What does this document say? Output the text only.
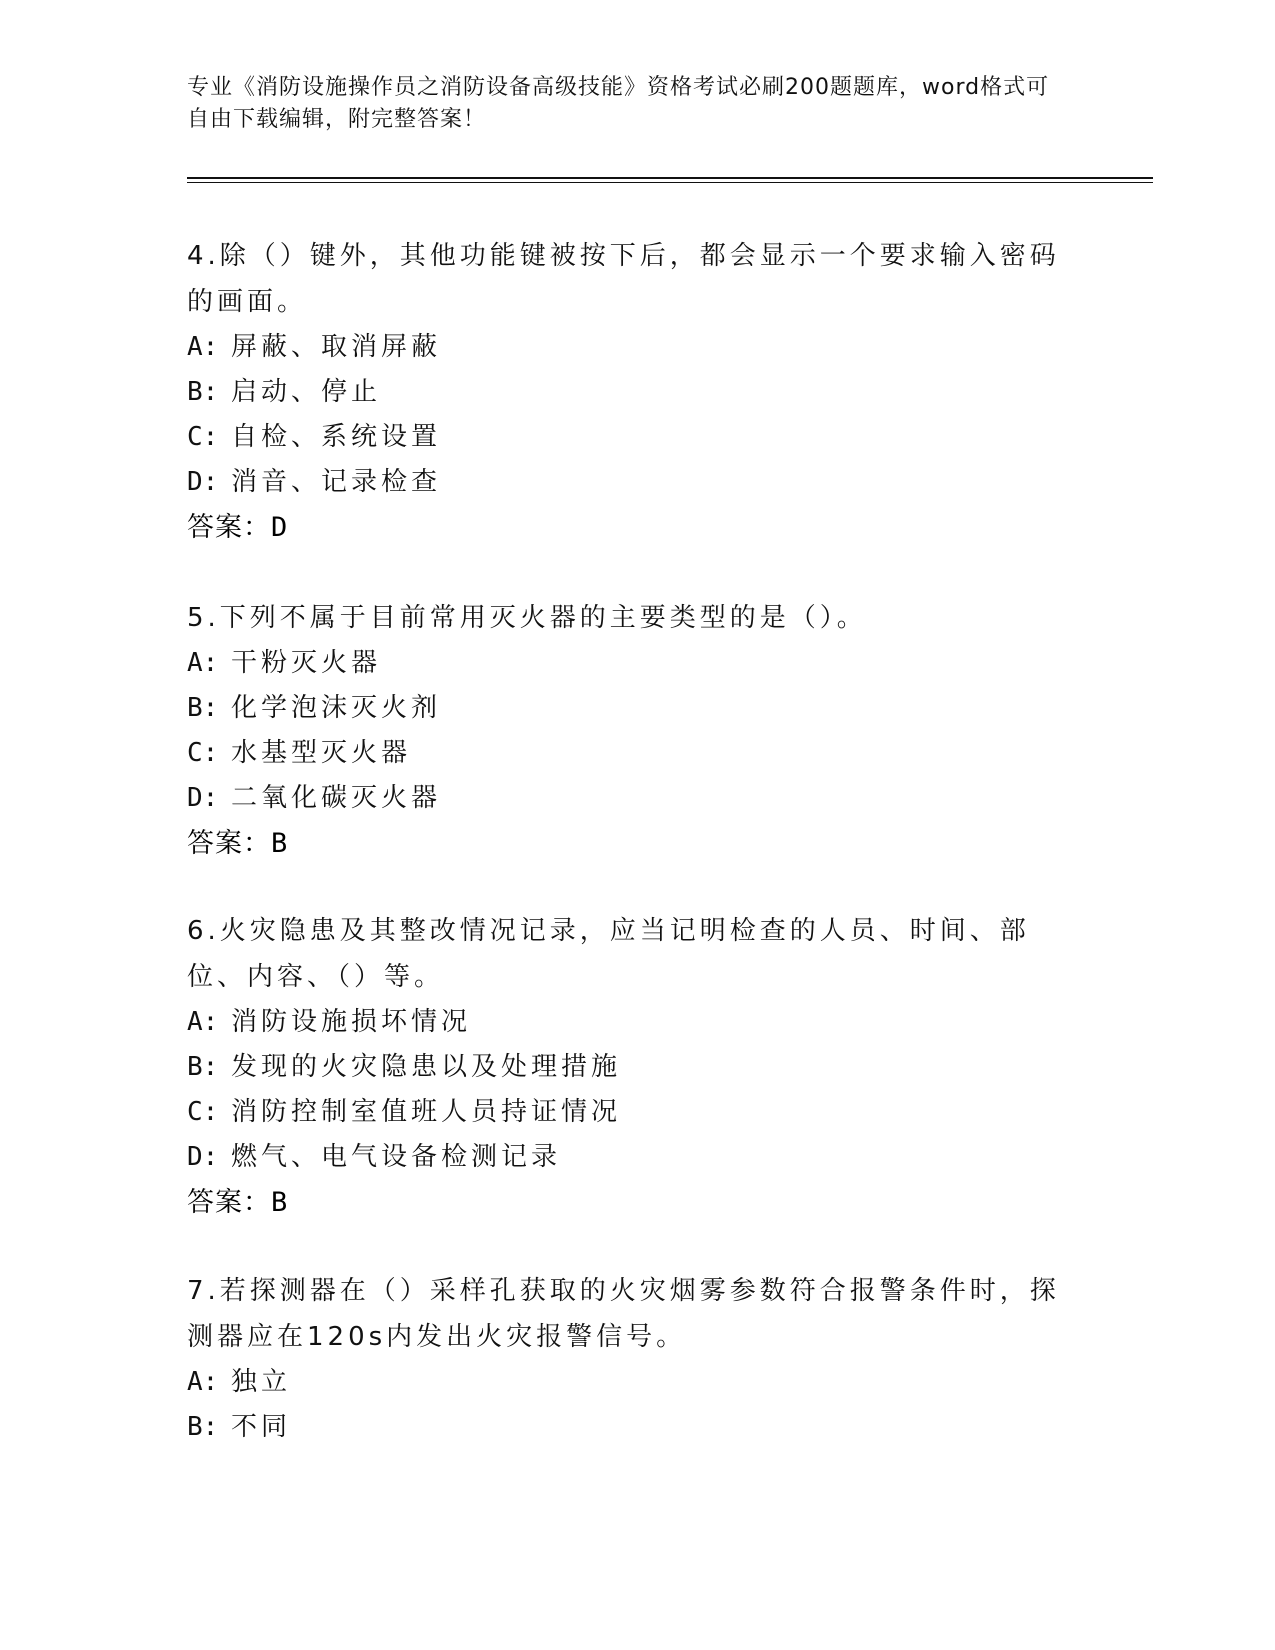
专业《消防设施操作员之消防设备高级技能》资格考试必刷200题题库，word格式可自由下载编辑，附完整答案！
4.除（）键外，其他功能键被按下后，都会显示一个要求输入密码的画面。
A: 屏蔽、取消屏蔽
B: 启动、停止
C: 自检、系统设置
D: 消音、记录检查
答案：D
5.下列不属于目前常用灭火器的主要类型的是（）。
A: 干粉灭火器
B: 化学泡沫灭火剂
C: 水基型灭火器
D: 二氧化碳灭火器
答案：B
6.火灾隐患及其整改情况记录，应当记明检查的人员、时间、部位、内容、（）等。
A: 消防设施损坏情况
B: 发现的火灾隐患以及处理措施
C: 消防控制室值班人员持证情况
D: 燃气、电气设备检测记录
答案：B
7.若探测器在（）采样孔获取的火灾烟雾参数符合报警条件时，探测器应在120s内发出火灾报警信号。
A: 独立
B: 不同
